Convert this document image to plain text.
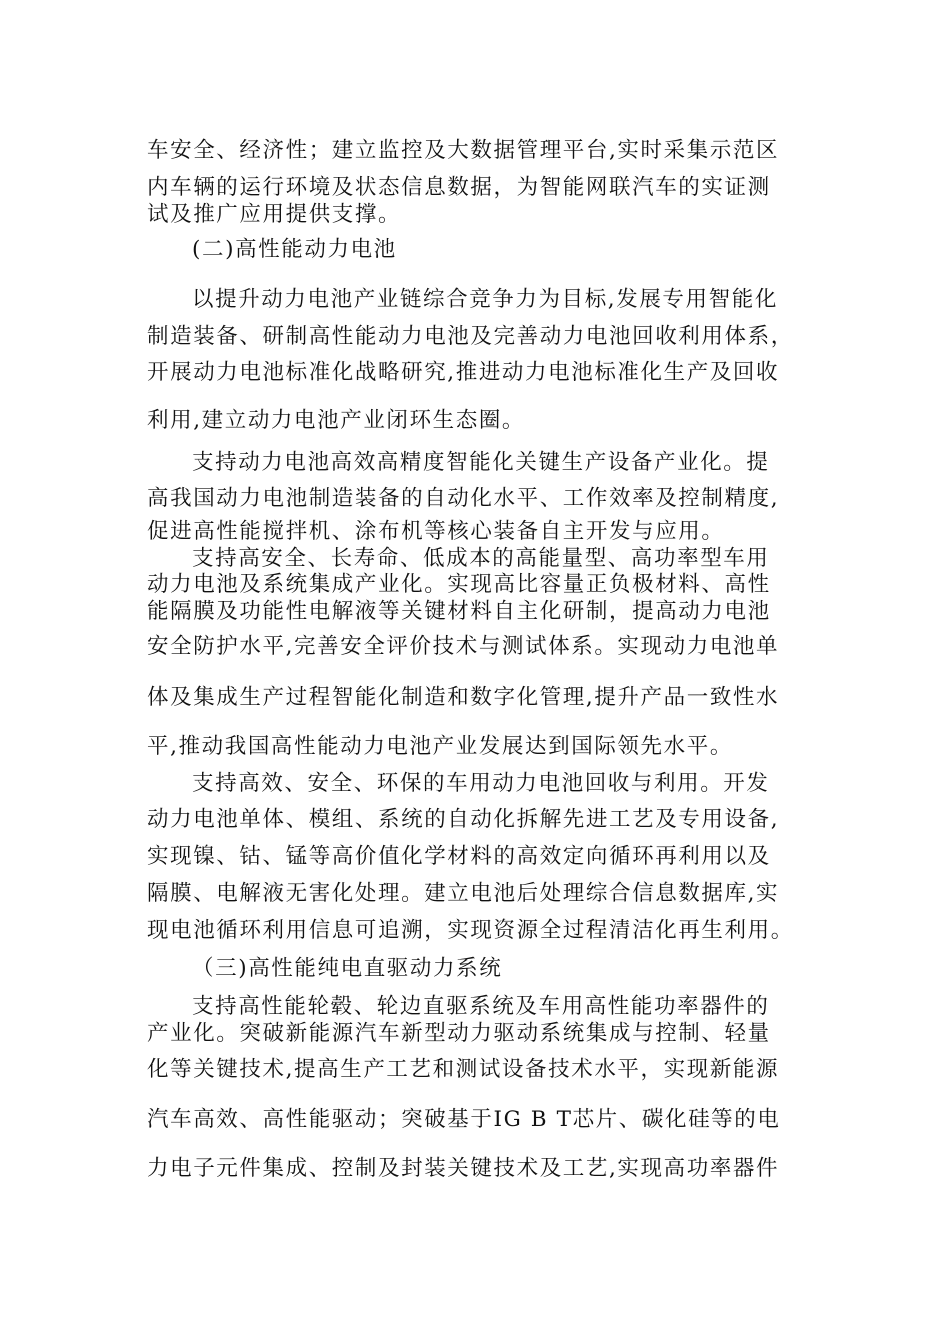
车安全、经济性；建立监控及大数据管理平台,实时采集示范区
内车辆的运行环境及状态信息数据，为智能网联汽车的实证测
试及推广应用提供支撑。
(二)高性能动力电池
以提升动力电池产业链综合竞争力为目标,发展专用智能化
制造装备、研制高性能动力电池及完善动力电池回收利用体系，
开展动力电池标准化战略研究,推进动力电池标准化生产及回收
利用,建立动力电池产业闭环生态圈。
支持动力电池高效高精度智能化关键生产设备产业化。提
高我国动力电池制造装备的自动化水平、工作效率及控制精度,
促进高性能搅拌机、涂布机等核心装备自主开发与应用。
支持高安全、长寿命、低成本的高能量型、高功率型车用
动力电池及系统集成产业化。实现高比容量正负极材料、高性
能隔膜及功能性电解液等关键材料自主化研制，提高动力电池
安全防护水平,完善安全评价技术与测试体系。实现动力电池单
体及集成生产过程智能化制造和数字化管理,提升产品一致性水
平,推动我国高性能动力电池产业发展达到国际领先水平。
支持高效、安全、环保的车用动力电池回收与利用。开发
动力电池单体、模组、系统的自动化拆解先进工艺及专用设备,
实现镍、钴、锰等高价值化学材料的高效定向循环再利用以及
隔膜、电解液无害化处理。建立电池后处理综合信息数据库,实
现电池循环利用信息可追溯，实现资源全过程清洁化再生利用。
（三)高性能纯电直驱动力系统
支持高性能轮毂、轮边直驱系统及车用高性能功率器件的
产业化。突破新能源汽车新型动力驱动系统集成与控制、轻量
化等关键技术,提高生产工艺和测试设备技术水平，实现新能源
汽车高效、高性能驱动；突破基于IG B T芯片、碳化硅等的电
力电子元件集成、控制及封装关键技术及工艺,实现高功率器件
